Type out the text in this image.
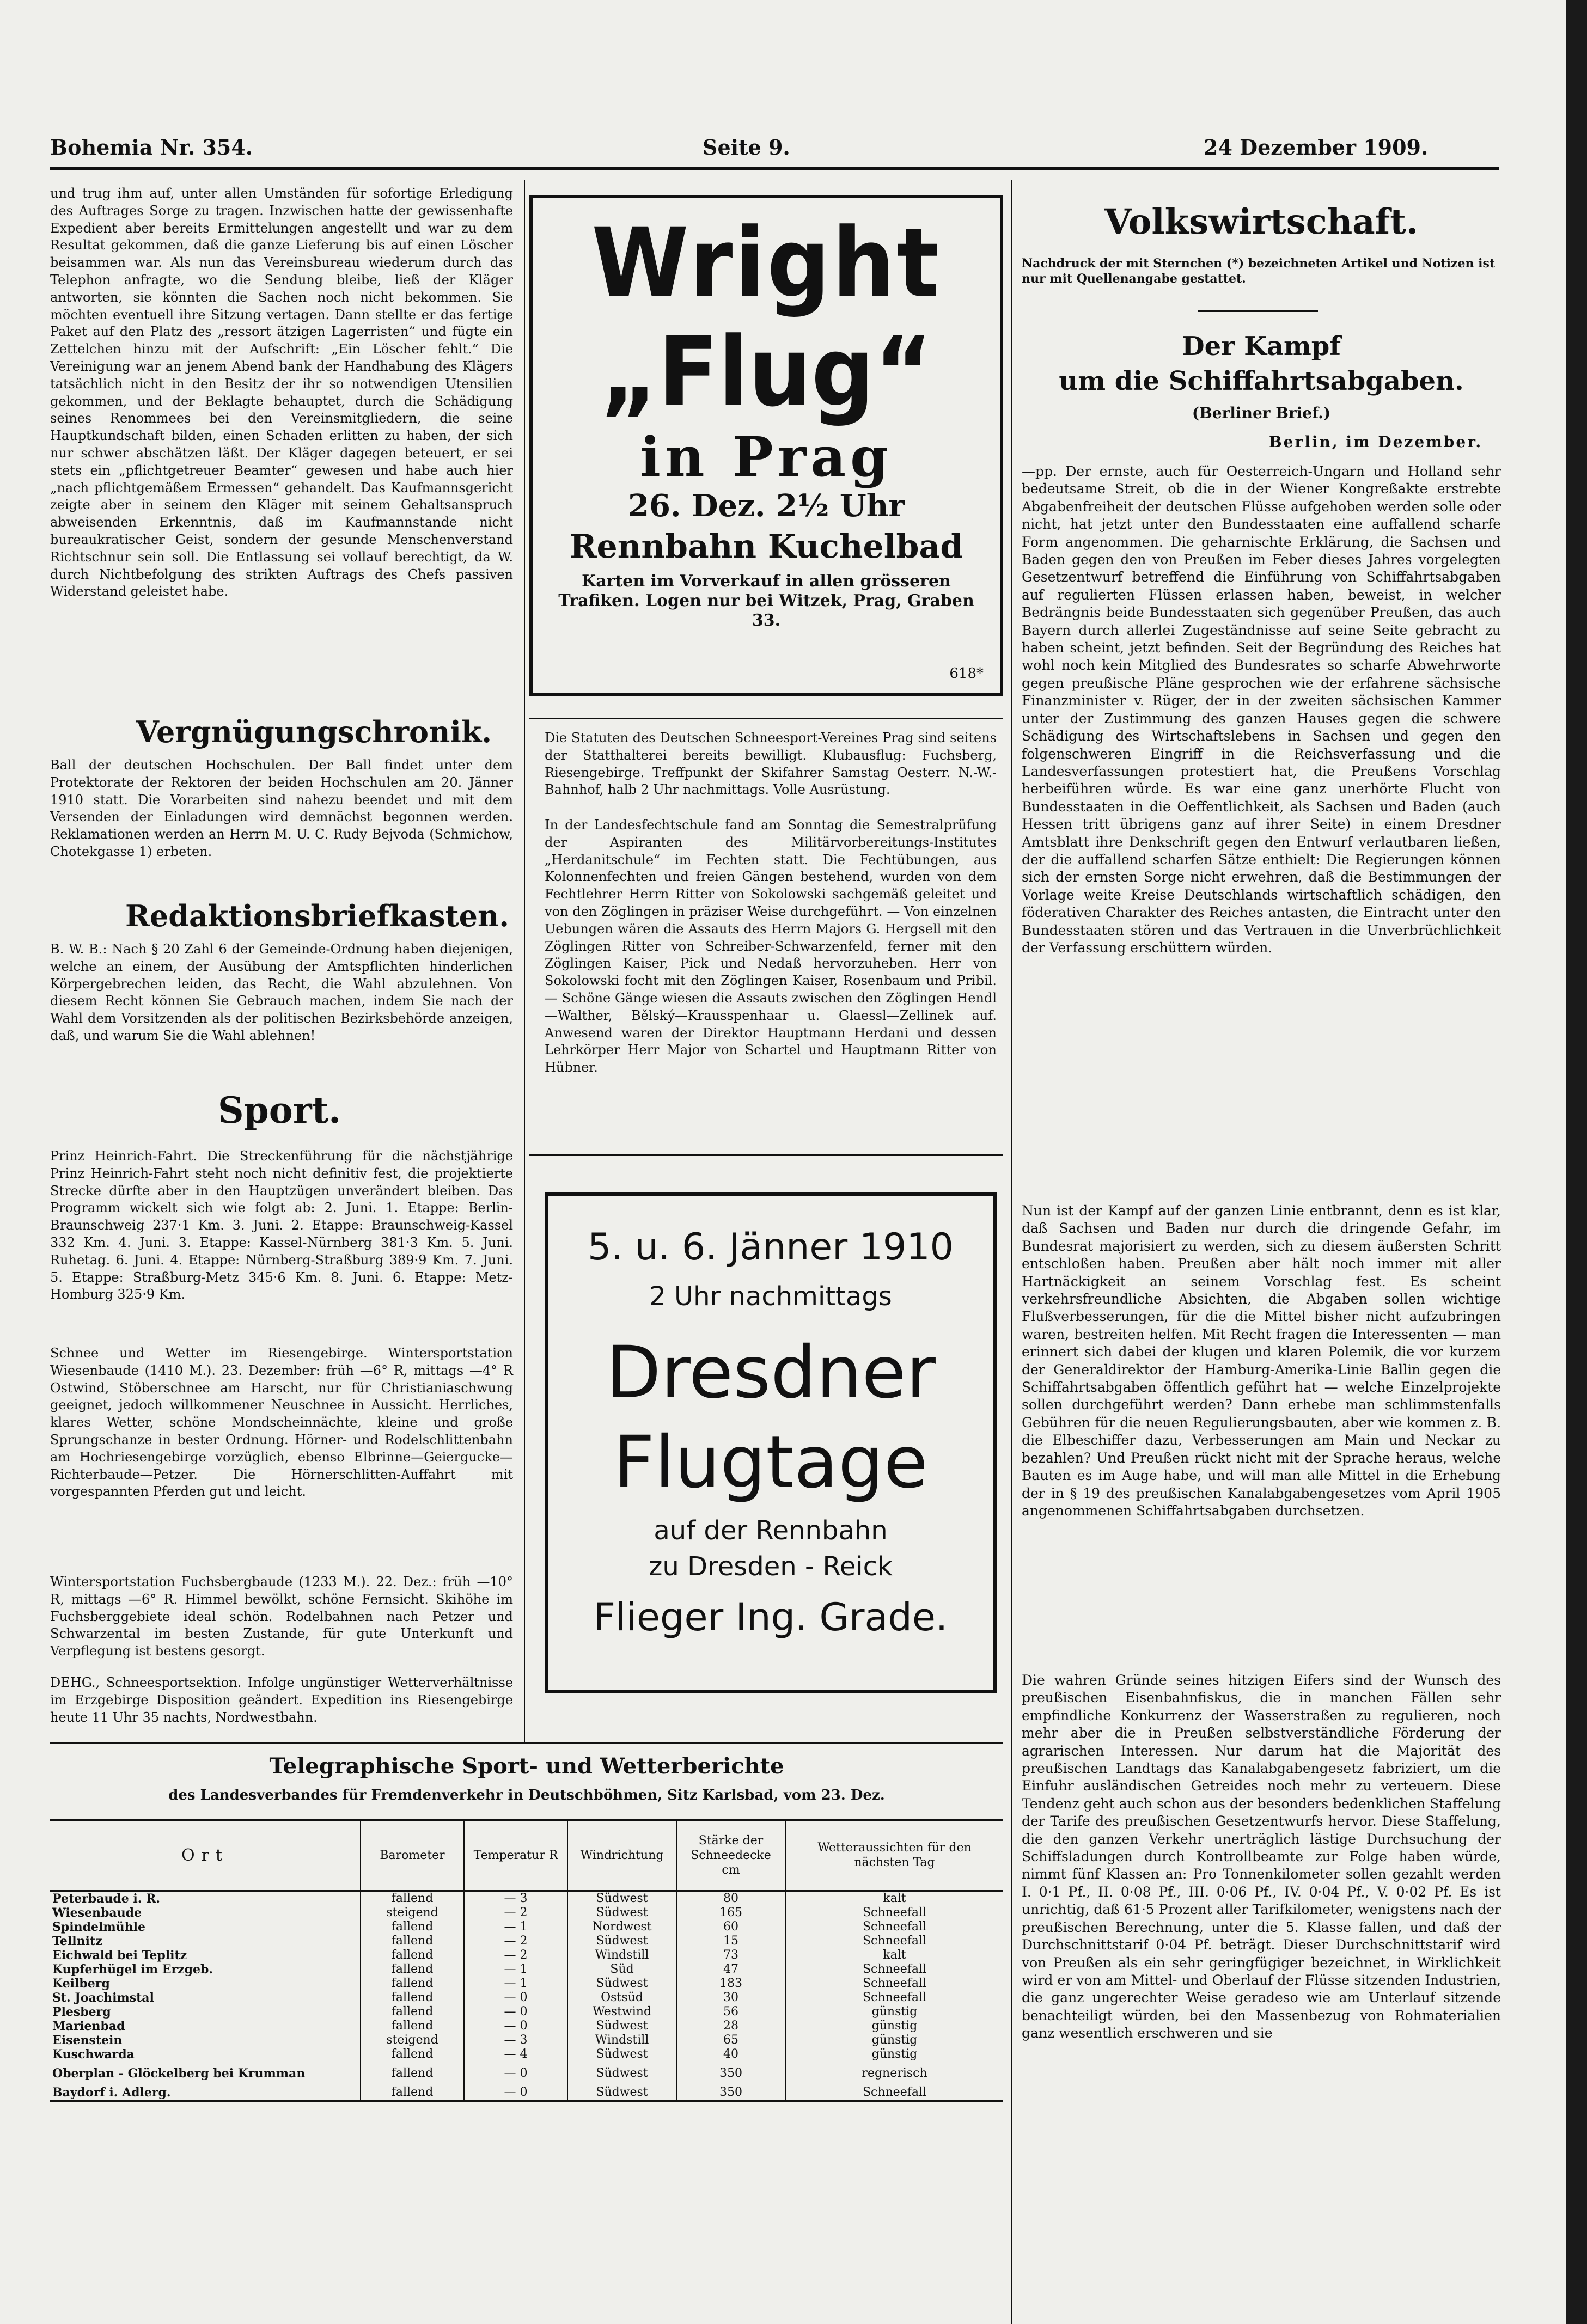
Bohemia Nr. 354.	Seite 9.	24 Dezember 1909.

und trug ihm auf, unter allen Umständen für sofortige Erledigung des Auftrages Sorge zu tragen. Inzwischen hatte der gewissenhafte Expedient aber bereits Ermittelungen angestellt und war zu dem Resultat gekommen, daß die ganze Lieferung bis auf einen Löscher beisammen war. Als nun das Vereinsbureau wiederum durch das Telephon anfragte, wo die Sendung bleibe, ließ der Kläger antworten, sie könnten die Sachen noch nicht bekommen. Sie möchten eventuell ihre Sitzung vertagen. Dann stellte er das fertige Paket auf den Platz des „ressort ätzigen Lagerristen“ und fügte ein Zettelchen hinzu mit der Aufschrift: „Ein Löscher fehlt.“ Die Vereinigung war an jenem Abend bank der Handhabung des Klägers tatsächlich nicht in den Besitz der ihr so notwendigen Utensilien gekommen, und der Beklagte behauptet, durch die Schädigung seines Renommees bei den Vereinsmitgliedern, die seine Hauptkundschaft bilden, einen Schaden erlitten zu haben, der sich nur schwer abschätzen läßt. Der Kläger dagegen beteuert, er sei stets ein „pflichtgetreuer Beamter“ gewesen und habe auch hier „nach pflichtgemäßem Ermessen“ gehandelt. Das Kaufmannsgericht zeigte aber in seinem den Kläger mit seinem Gehaltsanspruch abweisenden Erkenntnis, daß im Kaufmannstande nicht bureaukratischer Geist, sondern der gesunde Menschenverstand Richtschnur sein soll. Die Entlassung sei vollauf berechtigt, da W. durch Nichtbefolgung des strikten Auftrags des Chefs passiven Widerstand geleistet habe.

Vergnügungschronik.

Ball der deutschen Hochschulen. Der Ball findet unter dem Protektorate der Rektoren der beiden Hochschulen am 20. Jänner 1910 statt. Die Vorarbeiten sind nahezu beendet und mit dem Versenden der Einladungen wird demnächst begonnen werden. Reklamationen werden an Herrn M. U. C. Rudy Bejvoda (Schmichow, Chotekgasse 1) erbeten.

Redaktionsbriefkasten.

B. W. B.: Nach § 20 Zahl 6 der Gemeinde-Ordnung haben diejenigen, welche an einem, der Ausübung der Amtspflichten hinderlichen Körpergebrechen leiden, das Recht, die Wahl abzulehnen. Von diesem Recht können Sie Gebrauch machen, indem Sie nach der Wahl dem Vorsitzenden als der politischen Bezirksbehörde anzeigen, daß, und warum Sie die Wahl ablehnen!

Sport.

Prinz Heinrich-Fahrt. Die Streckenführung für die nächstjährige Prinz Heinrich-Fahrt steht noch nicht definitiv fest, die projektierte Strecke dürfte aber in den Hauptzügen unverändert bleiben. Das Programm wickelt sich wie folgt ab: 2. Juni. 1. Etappe: Berlin-Braunschweig 237·1 Km. 3. Juni. 2. Etappe: Braunschweig-Kassel 332 Km. 4. Juni. 3. Etappe: Kassel-Nürnberg 381·3 Km. 5. Juni. Ruhetag. 6. Juni. 4. Etappe: Nürnberg-Straßburg 389·9 Km. 7. Juni. 5. Etappe: Straßburg-Metz 345·6 Km. 8. Juni. 6. Etappe: Metz-Homburg 325·9 Km.

Schnee und Wetter im Riesengebirge. Wintersportstation Wiesenbaude (1410 M.). 23. Dezember: früh —6° R, mittags —4° R Ostwind, Stöberschnee am Harscht, nur für Christianiaschwung geeignet, jedoch willkommener Neuschnee in Aussicht. Herrliches, klares Wetter, schöne Mondscheinnächte, kleine und große Sprungschanze in bester Ordnung. Hörner- und Rodelschlittenbahn am Hochriesengebirge vorzüglich, ebenso Elbrinne—Geiergucke—Richterbaude—Petzer. Die Hörnerschlitten-Auffahrt mit vorgespannten Pferden gut und leicht.

Wintersportstation Fuchsbergbaude (1233 M.). 22. Dez.: früh —10° R, mittags —6° R. Himmel bewölkt, schöne Fernsicht. Skihöhe im Fuchsberggebiete ideal schön. Rodelbahnen nach Petzer und Schwarzental im besten Zustande, für gute Unterkunft und Verpflegung ist bestens gesorgt.

DEHG., Schneesportsektion. Infolge ungünstiger Wetterverhältnisse im Erzgebirge Disposition geändert. Expedition ins Riesengebirge heute 11 Uhr 35 nachts, Nordwestbahn.

Wright
„Flug“
in Prag
26. Dez. 2½ Uhr
Rennbahn Kuchelbad

Karten im Vorverkauf in allen grösseren Trafiken. Logen nur bei Witzek, Prag, Graben 33.

618*

Die Statuten des Deutschen Schneesport-Vereines Prag sind seitens der Statthalterei bereits bewilligt. Klubausflug: Fuchsberg, Riesengebirge. Treffpunkt der Skifahrer Samstag Oesterr. N.-W.-Bahnhof, halb 2 Uhr nachmittags. Volle Ausrüstung.

In der Landesfechtschule fand am Sonntag die Semestralprüfung der Aspiranten des Militärvorbereitungs-Institutes „Herdanitschule“ im Fechten statt. Die Fechtübungen, aus Kolonnenfechten und freien Gängen bestehend, wurden von dem Fechtlehrer Herrn Ritter von Sokolowski sachgemäß geleitet und von den Zöglingen in präziser Weise durchgeführt. — Von einzelnen Uebungen wären die Assauts des Herrn Majors G. Hergsell mit den Zöglingen Ritter von Schreiber-Schwarzenfeld, ferner mit den Zöglingen Kaiser, Pick und Nedaß hervorzuheben. Herr von Sokolowski focht mit den Zöglingen Kaiser, Rosenbaum und Pribil. — Schöne Gänge wiesen die Assauts zwischen den Zöglingen Hendl—Walther, Bělský—Krausspenhaar u. Glaessl—Zellinek auf. Anwesend waren der Direktor Hauptmann Herdani und dessen Lehrkörper Herr Major von Schartel und Hauptmann Ritter von Hübner.

5. u. 6. Jänner 1910
2 Uhr nachmittags
Dresdner
Flugtage
auf der Rennbahn
zu Dresden - Reick
Flieger Ing. Grade.
Telegraphische Sport- und Wetterberichte
des Landesverbandes für Fremdenverkehr in Deutschböhmen, Sitz Karlsbad, vom 23. Dez.
Ort	Barometer	Temperatur R	Windrichtung	Stärke der Schneedecke cm	Wetteraussichten für den nächsten Tag
Peterbaude i. R.	fallend	— 3	Südwest	80	kalt
Wiesenbaude	steigend	— 2	Südwest	165	Schneefall
Spindelmühle	fallend	— 1	Nordwest	60	Schneefall
Tellnitz	fallend	— 2	Südwest	15	Schneefall
Eichwald bei Teplitz	fallend	— 2	Windstill	73	kalt
Kupferhügel im Erzgeb.	fallend	— 1	Süd	47	Schneefall
Keilberg	fallend	— 1	Südwest	183	Schneefall
St. Joachimstal	fallend	— 0	Ostsüd	30	Schneefall
Plesberg	fallend	— 0	Westwind	56	günstig
Marienbad	fallend	— 0	Südwest	28	günstig
Eisenstein	steigend	— 3	Windstill	65	günstig
Kuschwarda	fallend	— 4	Südwest	40	günstig
Oberplan - Glöckelberg bei Krumman	fallend	— 0	Südwest	350	regnerisch
Baydorf i. Adlerg.	fallend	— 0	Südwest	350	Schneefall
Volkswirtschaft.

Nachdruck der mit Sternchen (*) bezeichneten Artikel und Notizen ist nur mit Quellenangabe gestattet.

Der Kampf
um die Schiffahrtsabgaben.
(Berliner Brief.)
Berlin, im Dezember.

—pp. Der ernste, auch für Oesterreich-Ungarn und Holland sehr bedeutsame Streit, ob die in der Wiener Kongreßakte erstrebte Abgabenfreiheit der deutschen Flüsse aufgehoben werden solle oder nicht, hat jetzt unter den Bundesstaaten eine auffallend scharfe Form angenommen. Die geharnischte Erklärung, die Sachsen und Baden gegen den von Preußen im Feber dieses Jahres vorgelegten Gesetzentwurf betreffend die Einführung von Schiffahrtsabgaben auf regulierten Flüssen erlassen haben, beweist, in welcher Bedrängnis beide Bundesstaaten sich gegenüber Preußen, das auch Bayern durch allerlei Zugeständnisse auf seine Seite gebracht zu haben scheint, jetzt befinden. Seit der Begründung des Reiches hat wohl noch kein Mitglied des Bundesrates so scharfe Abwehrworte gegen preußische Pläne gesprochen wie der erfahrene sächsische Finanzminister v. Rüger, der in der zweiten sächsischen Kammer unter der Zustimmung des ganzen Hauses gegen die schwere Schädigung des Wirtschaftslebens in Sachsen und gegen den folgenschweren Eingriff in die Reichsverfassung und die Landesverfassungen protestiert hat, die Preußens Vorschlag herbeiführen würde. Es war eine ganz unerhörte Flucht von Bundesstaaten in die Oeffentlichkeit, als Sachsen und Baden (auch Hessen tritt übrigens ganz auf ihrer Seite) in einem Dresdner Amtsblatt ihre Denkschrift gegen den Entwurf verlautbaren ließen, der die auffallend scharfen Sätze enthielt: Die Regierungen können sich der ernsten Sorge nicht erwehren, daß die Bestimmungen der Vorlage weite Kreise Deutschlands wirtschaftlich schädigen, den föderativen Charakter des Reiches antasten, die Eintracht unter den Bundesstaaten stören und das Vertrauen in die Unverbrüchlichkeit der Verfassung erschüttern würden.

Nun ist der Kampf auf der ganzen Linie entbrannt, denn es ist klar, daß Sachsen und Baden nur durch die dringende Gefahr, im Bundesrat majorisiert zu werden, sich zu diesem äußersten Schritt entschloßen haben. Preußen aber hält noch immer mit aller Hartnäckigkeit an seinem Vorschlag fest. Es scheint verkehrsfreundliche Absichten, die Abgaben sollen wichtige Flußverbesserungen, für die die Mittel bisher nicht aufzubringen waren, bestreiten helfen. Mit Recht fragen die Interessenten — man erinnert sich dabei der klugen und klaren Polemik, die vor kurzem der Generaldirektor der Hamburg-Amerika-Linie Ballin gegen die Schiffahrtsabgaben öffentlich geführt hat — welche Einzelprojekte sollen durchgeführt werden? Dann erhebe man schlimmstenfalls Gebühren für die neuen Regulierungsbauten, aber wie kommen z. B. die Elbeschiffer dazu, Verbesserungen am Main und Neckar zu bezahlen? Und Preußen rückt nicht mit der Sprache heraus, welche Bauten es im Auge habe, und will man alle Mittel in die Erhebung der in § 19 des preußischen Kanalabgabengesetzes vom April 1905 angenommenen Schiffahrtsabgaben durchsetzen.

Die wahren Gründe seines hitzigen Eifers sind der Wunsch des preußischen Eisenbahnfiskus, die in manchen Fällen sehr empfindliche Konkurrenz der Wasserstraßen zu regulieren, noch mehr aber die in Preußen selbstverständliche Förderung der agrarischen Interessen. Nur darum hat die Majorität des preußischen Landtags das Kanalabgabengesetz fabriziert, um die Einfuhr ausländischen Getreides noch mehr zu verteuern. Diese Tendenz geht auch schon aus der besonders bedenklichen Staffelung der Tarife des preußischen Gesetzentwurfs hervor. Diese Staffelung, die den ganzen Verkehr unerträglich lästige Durchsuchung der Schiffsladungen durch Kontrollbeamte zur Folge haben würde, nimmt fünf Klassen an: Pro Tonnenkilometer sollen gezahlt werden I. 0·1 Pf., II. 0·08 Pf., III. 0·06 Pf., IV. 0·04 Pf., V. 0·02 Pf. Es ist unrichtig, daß 61·5 Prozent aller Tarifkilometer, wenigstens nach der preußischen Berechnung, unter die 5. Klasse fallen, und daß der Durchschnittstarif 0·04 Pf. beträgt. Dieser Durchschnittstarif wird von Preußen als ein sehr geringfügiger bezeichnet, in Wirklichkeit wird er von am Mittel- und Oberlauf der Flüsse sitzenden Industrien, die ganz ungerechter Weise geradeso wie am Unterlauf sitzende benachteiligt würden, bei den Massenbezug von Rohmaterialien ganz wesentlich erschweren und sie
